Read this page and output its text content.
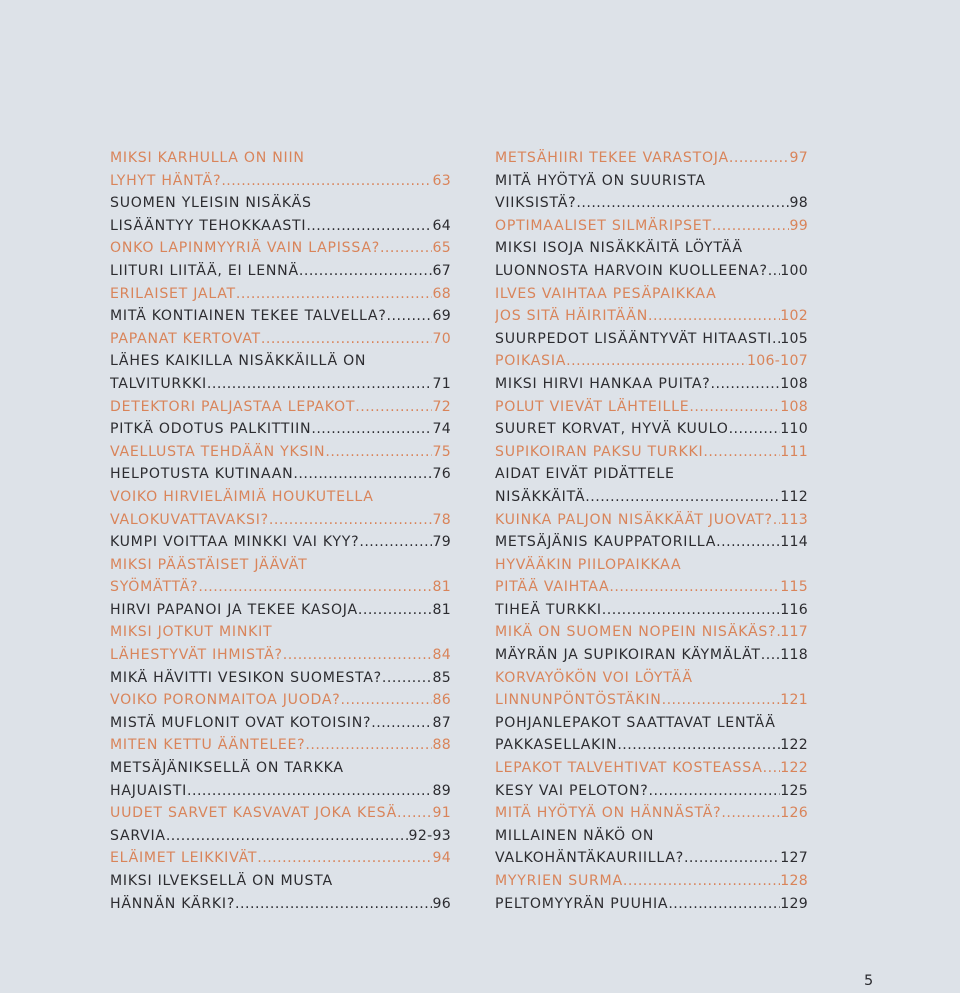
MIKSI KARHULLA ON NIIN
LYHYT HÄNTÄ? .....	63
SUOMEN YLEISIN NISÄKÄS
LISÄÄNTYY TEHOKKAASTI .....	64
ONKO LAPINMYYRIÄ VAIN LAPISSA? .....	65
LIITURI LIITÄÄ, EI LENNÄ .....	67
ERILAISET JALAT .....	68
MITÄ KONTIAINEN TEKEE TALVELLA? .....	69
PAPANAT KERTOVAT .....	70
LÄHES KAIKILLA NISÄKKÄILLÄ ON
TALVITURKKI .....	71
DETEKTORI PALJASTAA LEPAKOT .....	72
PITKÄ ODOTUS PALKITTIIN .....	74
VAELLUSTA TEHDÄÄN YKSIN .....	75
HELPOTUSTA KUTINAAN .....	76
VOIKO HIRVIELÄIMIÄ HOUKUTELLA
VALOKUVATTAVAKSI? .....	78
KUMPI VOITTAA MINKKI VAI KYY? .....	79
MIKSI PÄÄSTÄISET JÄÄVÄT
SYÖMÄTTÄ? .....	81
HIRVI PAPANOI JA TEKEE KASOJA .....	81
MIKSI JOTKUT MINKIT
LÄHESTYVÄT IHMISTÄ? .....	84
MIKÄ HÄVITTI VESIKON SUOMESTA? .....	85
VOIKO PORONMAITOA JUODA? .....	86
MISTÄ MUFLONIT OVAT KOTOISIN? .....	87
MITEN KETTU ÄÄNTELEE? .....	88
METSÄJÄNIKSELLÄ ON TARKKA
HAJUAISTI .....	89
UUDET SARVET KASVAVAT JOKA KESÄ .....	91
SARVIA .....	92-93
ELÄIMET LEIKKIVÄT .....	94
MIKSI ILVEKSELLÄ ON MUSTA
HÄNNÄN KÄRKI? .....	96
METSÄHIIRI TEKEE VARASTOJA .....	97
MITÄ HYÖTYÄ ON SUURISTA
VIIKSISTÄ? .....	98
OPTIMAALISET SILMÄRIPSET .....	99
MIKSI ISOJA NISÄKKÄITÄ LÖYTÄÄ
LUONNOSTA HARVOIN KUOLLEENA? ..... 100
ILVES VAIHTAA PESÄPAIKKAA
JOS SITÄ HÄIRITÄÄN .....	102
SUURPEDOT LISÄÄNTYVÄT HITAASTI ..... 105
POIKASIA .....	106-107
MIKSI HIRVI HANKAA PUITA? .....	108
POLUT VIEVÄT LÄHTEILLE .....	108
SUURET KORVAT, HYVÄ KUULO .....	110
SUPIKOIRAN PAKSU TURKKI .....	111
AIDAT EIVÄT PIDÄTTELE
NISÄKKÄITÄ .....	112
KUINKA PALJON NISÄKKÄÄT JUOVAT? ..... 113
METSÄJÄNIS KAUPPATORILLA .....	114
HYVÄÄKIN PIILOPAIKKAA
PITÄÄ VAIHTAA .....	115
TIHEÄ TURKKI .....	116
MIKÄ ON SUOMEN NOPEIN NISÄKÄS? ..... 117
MÄYRÄN JA SUPIKOIRAN KÄYMÄLÄT ..... 118
KORVAYÖKÖN VOI LÖYTÄÄ
LINNUNPÖNTÖSTÄKIN .....	121
POHJANLEPAKOT SAATTAVAT LENTÄÄ
PAKKASELLAKIN .....	122
LEPAKOT TALVEHTIVAT KOSTEASSA ..... 122
KESY VAI PELOTON? .....	125
MITÄ HYÖTYÄ ON HÄNNÄSTÄ? .....	126
MILLAINEN NÄKÖ ON
VALKOHÄNTÄKAURIILLA? .....	127
MYYRIEN SURMA .....	128
PELTOMYYRÄN PUUHIA .....	129
5
